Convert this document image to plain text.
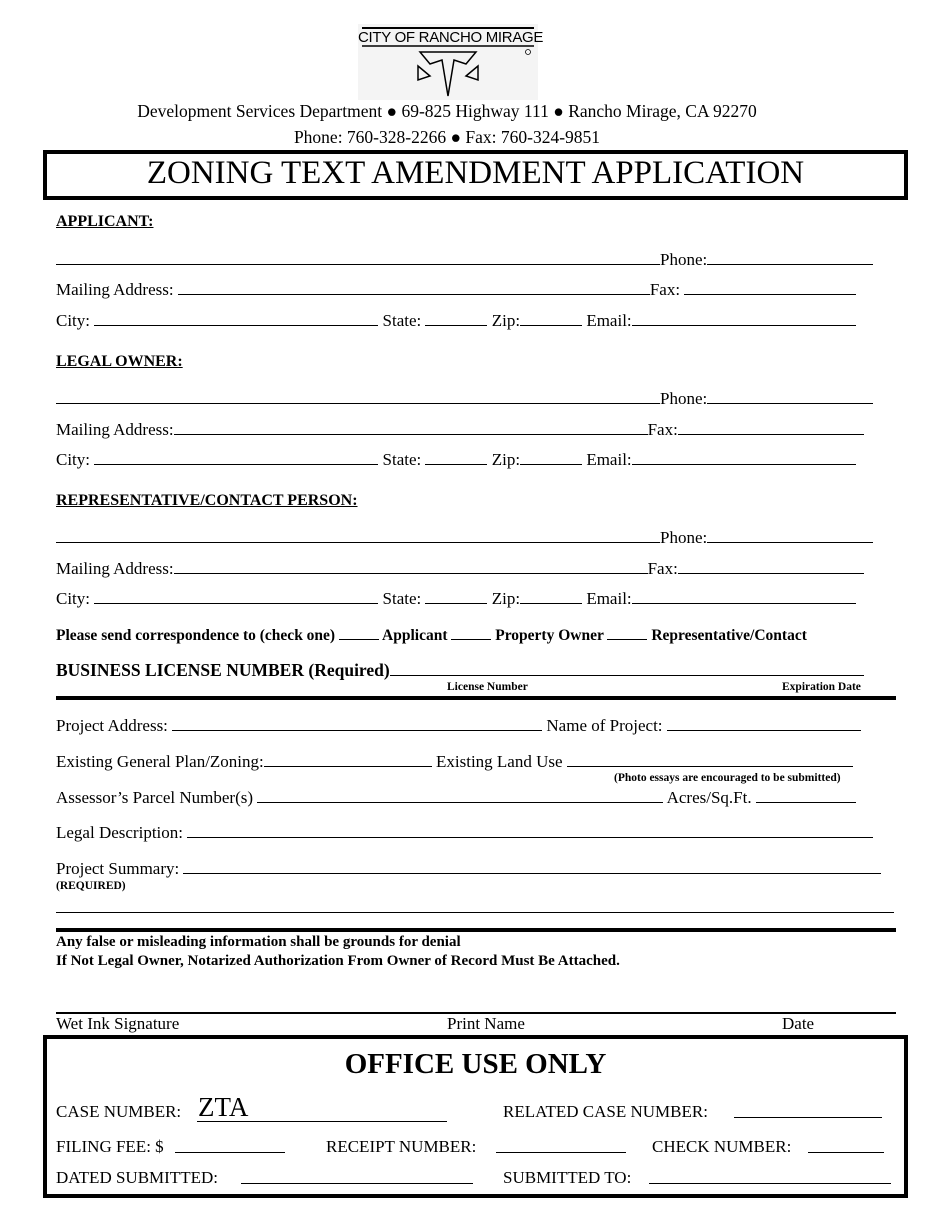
CITY OF RANCHO MIRAGE
Development Services Department ● 69-825 Highway 111 ● Rancho Mirage, CA 92270
Phone: 760-328-2266 ● Fax: 760-324-9851
ZONING TEXT AMENDMENT APPLICATION
APPLICANT:
Phone:
Mailing Address:	Fax:
City:	State:	Zip:	Email:
LEGAL OWNER:
Phone:
Mailing Address:	Fax:
City:	State:	Zip:	Email:
REPRESENTATIVE/CONTACT PERSON:
Phone:
Mailing Address:	Fax:
City:	State:	Zip:	Email:
Please send correspondence to (check one)	Applicant	Property Owner	Representative/Contact
BUSINESS LICENSE NUMBER (Required)
License Number	Expiration Date
Project Address:	Name of Project:
Existing General Plan/Zoning:	Existing Land Use
(Photo essays are encouraged to be submitted)
Assessor’s Parcel Number(s)	Acres/Sq.Ft.
Legal Description:
Project Summary:
(REQUIRED)
Any false or misleading information shall be grounds for denial
If Not Legal Owner, Notarized Authorization From Owner of Record Must Be Attached.
Wet Ink Signature	Print Name	Date
OFFICE USE ONLY
CASE NUMBER: ZTA	RELATED CASE NUMBER:
FILING FEE: $	RECEIPT NUMBER:	CHECK NUMBER:
DATED SUBMITTED:	SUBMITTED TO:
